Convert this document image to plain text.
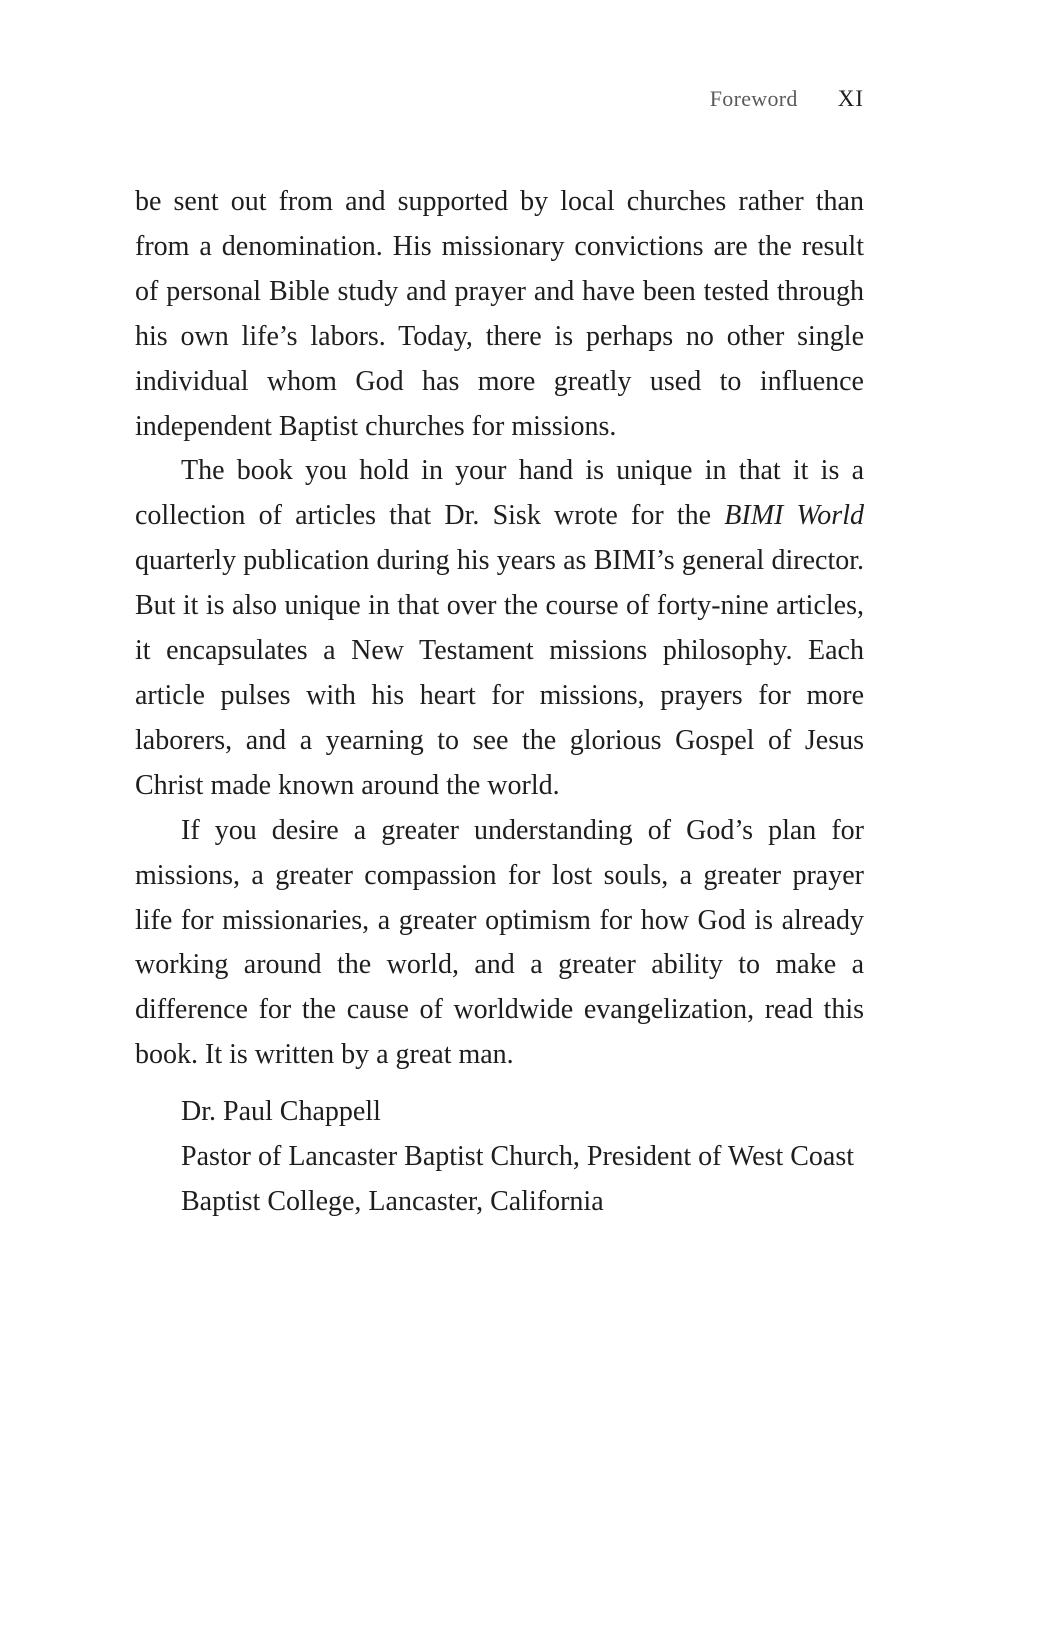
Foreword XI

be sent out from and supported by local churches rather than from a denomination. His missionary convictions are the result of personal Bible study and prayer and have been tested through his own life’s labors. Today, there is perhaps no other single individual whom God has more greatly used to influence independent Baptist churches for missions.

The book you hold in your hand is unique in that it is a collection of articles that Dr. Sisk wrote for the BIMI World quarterly publication during his years as BIMI’s general director. But it is also unique in that over the course of forty-nine articles, it encapsulates a New Testament missions philosophy. Each article pulses with his heart for missions, prayers for more laborers, and a yearning to see the glorious Gospel of Jesus Christ made known around the world.

If you desire a greater understanding of God’s plan for missions, a greater compassion for lost souls, a greater prayer life for missionaries, a greater optimism for how God is already working around the world, and a greater ability to make a difference for the cause of worldwide evangelization, read this book. It is written by a great man.

Dr. Paul Chappell

Pastor of Lancaster Baptist Church, President of West Coast

Baptist College, Lancaster, California
